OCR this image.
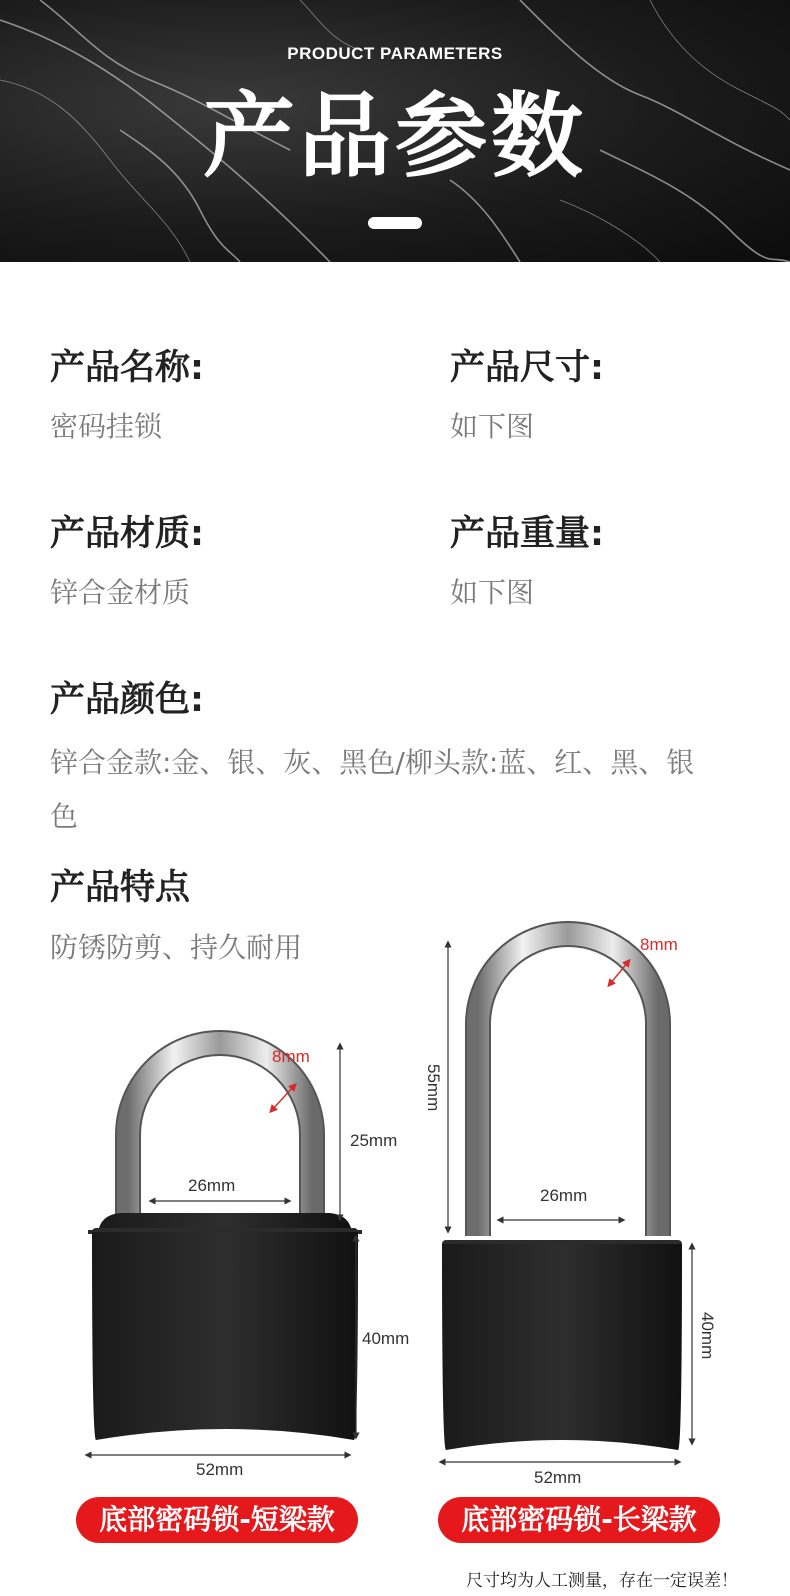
PRODUCT PARAMETERS
产品参数
产品名称:
密码挂锁
产品尺寸:
如下图
产品材质:
锌合金材质
产品重量:
如下图
产品颜色:
锌合金款:金、银、灰、黑色/柳头款:蓝、红、黑、银色
产品特点
防锈防剪、持久耐用
26mm
25mm
40mm
52mm
8mm
26mm
55mm
40mm
52mm
8mm
底部密码锁-短梁款	底部密码锁-长梁款
尺寸均为人工测量，存在一定误差！
